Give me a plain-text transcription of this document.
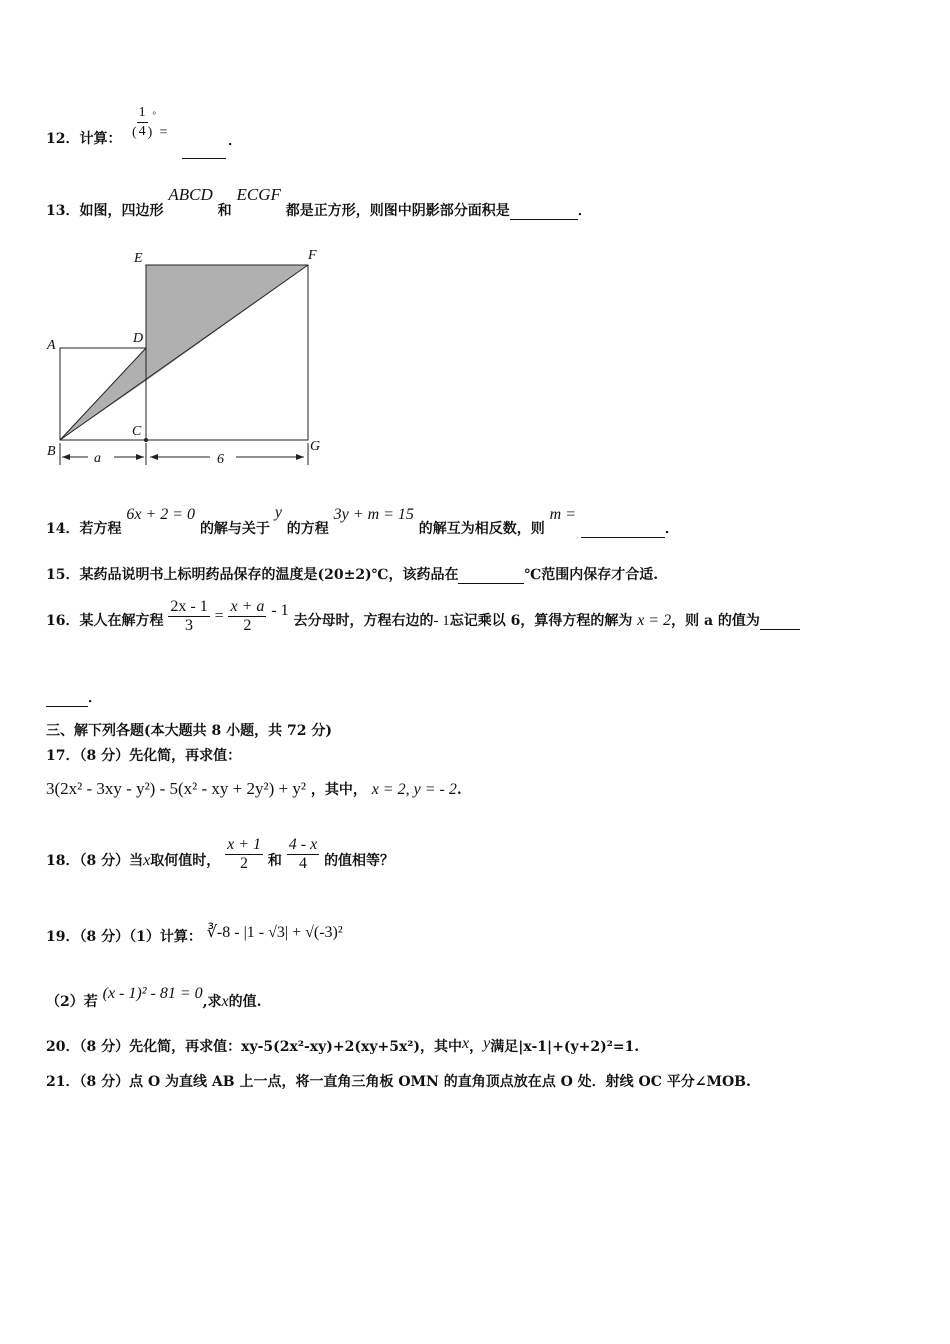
12．计算： ( $\frac{1}{4} )^\circ$ =
．
13．如图，四边形 ABCD 和 ECGF 都是正方形，则图中阴影部分面积是	．
E	F
A	D
B
C
G
a	6
14．若方程 6x + 2 = 0 的解与关于 y 的方程 3y + m = 15 的解互为相反数，则 m = ．
15．某药品说明书上标明药品保存的温度是(20±2)℃，该药品在	℃范围内保存才合适.
16．某人在解方程 $\frac{2x - 1}{3} = \frac{x + a}{2} - 1$ 去分母时，方程右边的- 1忘记乘以 6，算得方程的解为 x = 2，则 a 的值为
．
三、解下列各题(本大题共 8 小题，共 72 分)
17．（8 分）先化简，再求值：
3(2x² - 3xy - y²) - 5(x² - xy + 2y²) + y² ，其中， x = 2, y = - 2.
18．（8 分）当x取何值时， $\frac{x + 1}{2}$ 和 $\frac{4 - x}{4}$ 的值相等？
19．（8 分）（1）计算： ∛-8 - |1 - √3| + √(-3)²
（2）若 (x - 1)² - 81 = 0,求x的值.
20．（8 分）先化简，再求值：xy-5(2x²-xy)+2(xy+5x²)，其中x，y满足|x-1|+(y+2)²=1.
21．（8 分）点 O 为直线 AB 上一点，将一直角三角板 OMN 的直角顶点放在点 O 处．射线 OC 平分∠MOB.
